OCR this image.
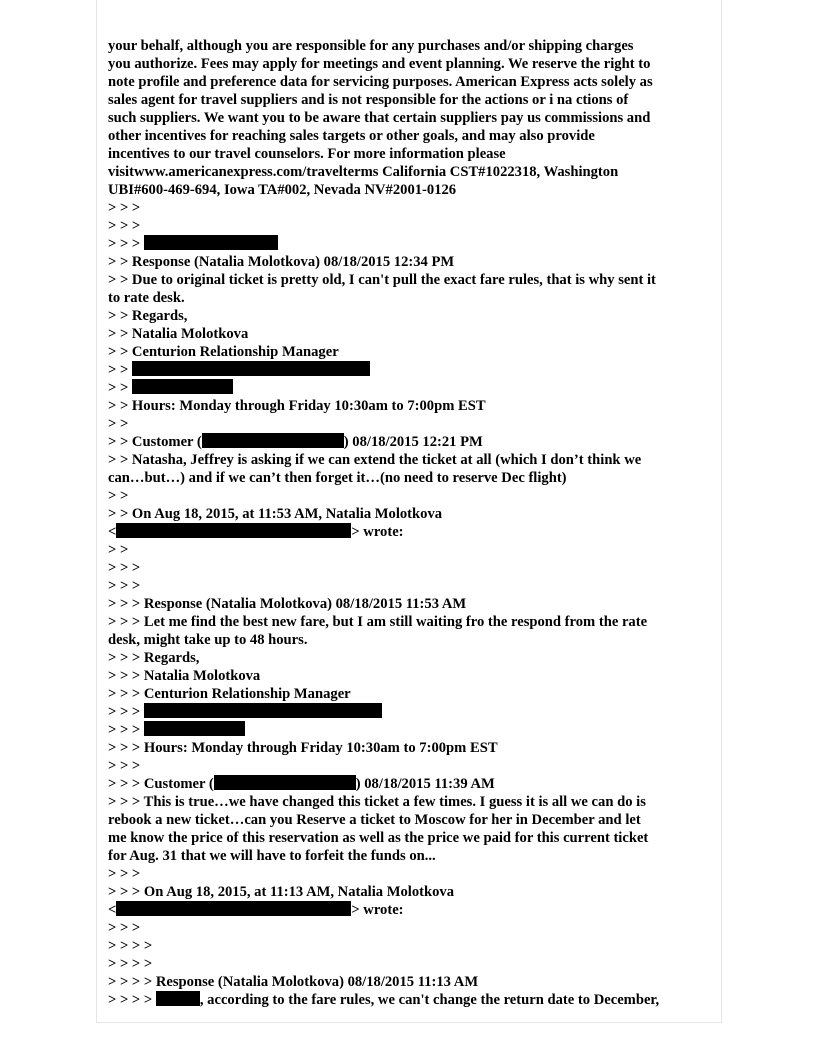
your behalf, although you are responsible for any purchases and/or shipping charges
you authorize. Fees may apply for meetings and event planning. We reserve the right to
note profile and preference data for servicing purposes. American Express acts solely as
sales agent for travel suppliers and is not responsible for the actions or i na ctions of
such suppliers. We want you to be aware that certain suppliers pay us commissions and
other incentives for reaching sales targets or other goals, and may also provide
incentives to our travel counselors. For more information please
visitwww.americanexpress.com/travelterms California CST#1022318, Washington
UBI#600-469-694, Iowa TA#002, Nevada NV#2001-0126
> > >
> > >
> > >
> > Response (Natalia Molotkova) 08/18/2015 12:34 PM
> > Due to original ticket is pretty old, I can't pull the exact fare rules, that is why sent it
to rate desk.
> > Regards,
> > Natalia Molotkova
> > Centurion Relationship Manager
> >
> >
> > Hours: Monday through Friday 10:30am to 7:00pm EST
> >
> > Customer (	) 08/18/2015 12:21 PM
> > Natasha, Jeffrey is asking if we can extend the ticket at all (which I don’t think we
can…but…) and if we can’t then forget it…(no need to reserve Dec flight)
> >
> > On Aug 18, 2015, at 11:53 AM, Natalia Molotkova
<	> wrote:
> >
> > >
> > >
> > > Response (Natalia Molotkova) 08/18/2015 11:53 AM
> > > Let me find the best new fare, but I am still waiting fro the respond from the rate
desk, might take up to 48 hours.
> > > Regards,
> > > Natalia Molotkova
> > > Centurion Relationship Manager
> > >
> > >
> > > Hours: Monday through Friday 10:30am to 7:00pm EST
> > >
> > > Customer (	) 08/18/2015 11:39 AM
> > > This is true…we have changed this ticket a few times. I guess it is all we can do is
rebook a new ticket…can you Reserve a ticket to Moscow for her in December and let
me know the price of this reservation as well as the price we paid for this current ticket
for Aug. 31 that we will have to forfeit the funds on...
> > >
> > > On Aug 18, 2015, at 11:13 AM, Natalia Molotkova
<	> wrote:
> > >
> > > >
> > > >
> > > > Response (Natalia Molotkova) 08/18/2015 11:13 AM
> > > >	, according to the fare rules, we can't change the return date to December,
